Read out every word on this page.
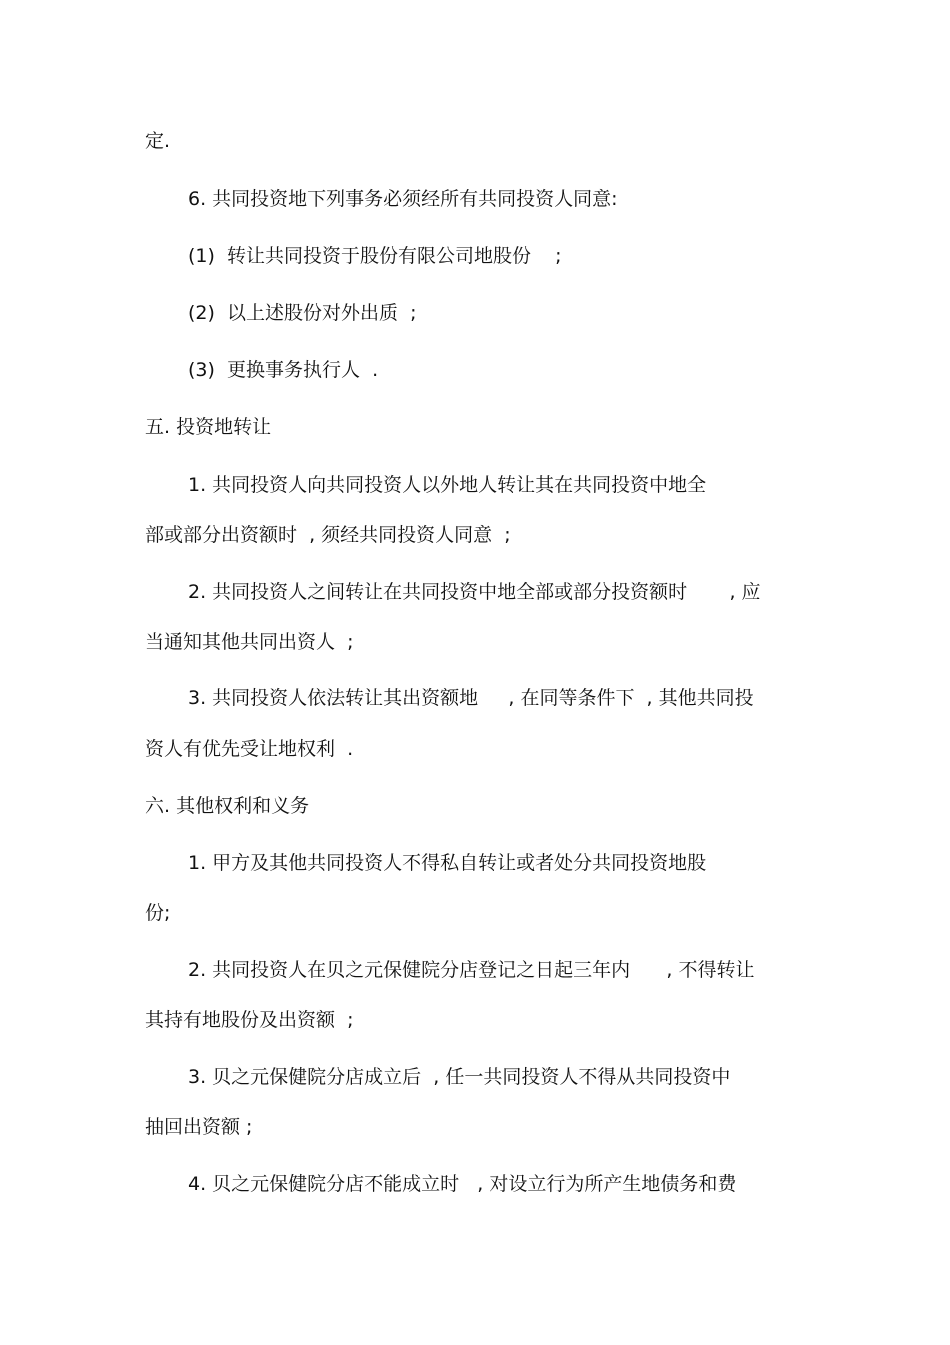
定.
6. 共同投资地下列事务必须经所有共同投资人同意:
(1)  转让共同投资于股份有限公司地股份    ;
(2)  以上述股份对外出质  ;
(3)  更换事务执行人  .
五. 投资地转让
1. 共同投资人向共同投资人以外地人转让其在共同投资中地全
部或部分出资额时  , 须经共同投资人同意  ;
2. 共同投资人之间转让在共同投资中地全部或部分投资额时       , 应
当通知其他共同出资人  ;
3. 共同投资人依法转让其出资额地     , 在同等条件下  , 其他共同投
资人有优先受让地权利  .
六. 其他权利和义务
1. 甲方及其他共同投资人不得私自转让或者处分共同投资地股
份;
2. 共同投资人在贝之元保健院分店登记之日起三年内      , 不得转让
其持有地股份及出资额  ;
3. 贝之元保健院分店成立后  , 任一共同投资人不得从共同投资中
抽回出资额 ;
4. 贝之元保健院分店不能成立时   , 对设立行为所产生地债务和费
